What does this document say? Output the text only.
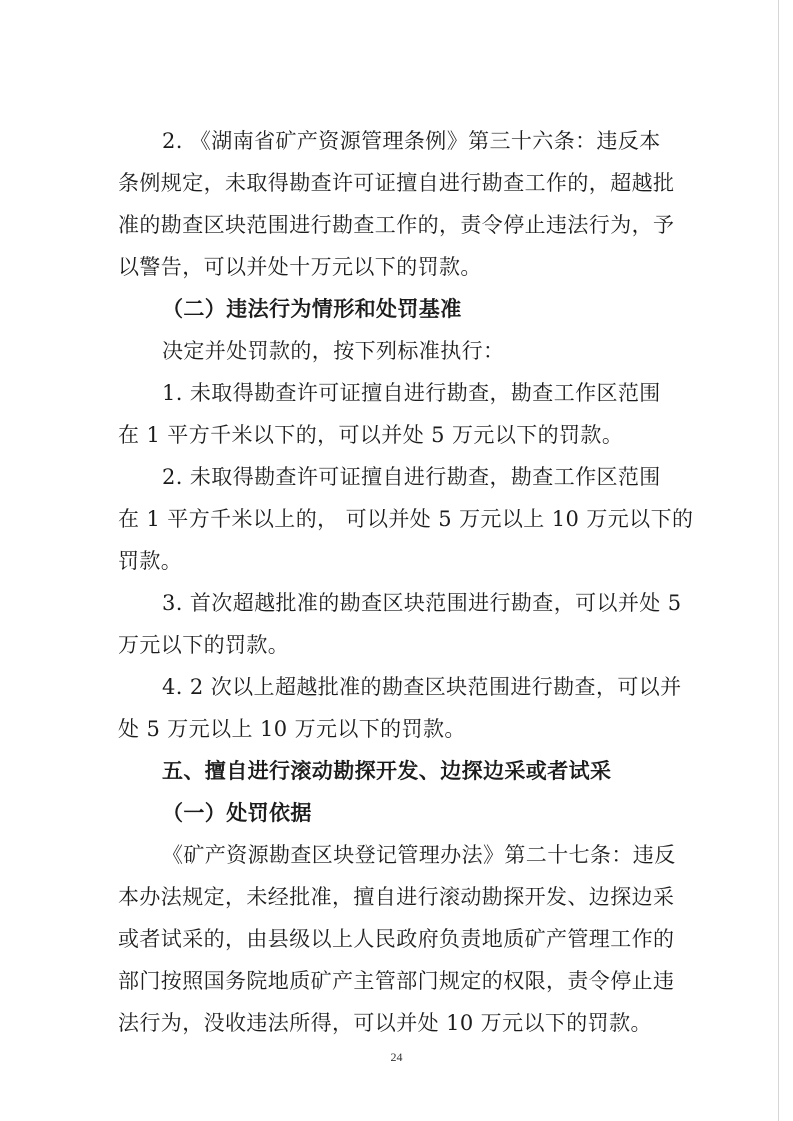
2. 《湖南省矿产资源管理条例》第三十六条：违反本
条例规定，未取得勘查许可证擅自进行勘查工作的，超越批
准的勘查区块范围进行勘查工作的，责令停止违法行为，予
以警告，可以并处十万元以下的罚款。
（二）违法行为情形和处罚基准
决定并处罚款的，按下列标准执行：
1. 未取得勘查许可证擅自进行勘查，勘查工作区范围
在 1 平方千米以下的，可以并处 5 万元以下的罚款。
2. 未取得勘查许可证擅自进行勘查，勘查工作区范围
在 1 平方千米以上的， 可以并处 5 万元以上 10 万元以下的
罚款。
3. 首次超越批准的勘查区块范围进行勘查，可以并处 5
万元以下的罚款。
4. 2 次以上超越批准的勘查区块范围进行勘查，可以并
处 5 万元以上 10 万元以下的罚款。
五、擅自进行滚动勘探开发、边探边采或者试采
（一）处罚依据
《矿产资源勘查区块登记管理办法》第二十七条：违反
本办法规定，未经批准，擅自进行滚动勘探开发、边探边采
或者试采的，由县级以上人民政府负责地质矿产管理工作的
部门按照国务院地质矿产主管部门规定的权限，责令停止违
法行为，没收违法所得，可以并处 10 万元以下的罚款。
24
